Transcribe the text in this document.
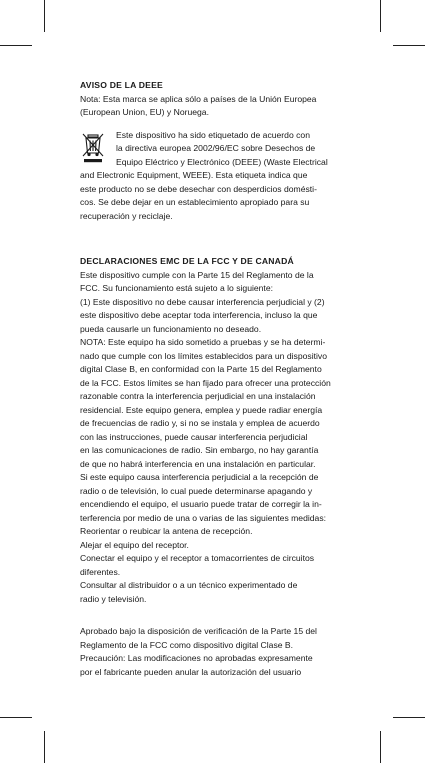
AVISO DE LA DEEE

Nota: Esta marca se aplica sólo a países de la Unión Europea
(European Union, EU) y Noruega.
Este dispositivo ha sido etiquetado de acuerdo con
la directiva europea 2002/96/EC sobre Desechos de
Equipo Eléctrico y Electrónico (DEEE) (Waste Electrical
and Electronic Equipment, WEEE). Esta etiqueta indica que
este producto no se debe desechar con desperdicios domésti-
cos. Se debe dejar en un establecimiento apropiado para su
recuperación y reciclaje.

DECLARACIONES EMC DE LA FCC Y DE CANADÁ

Este dispositivo cumple con la Parte 15 del Reglamento de la
FCC. Su funcionamiento está sujeto a lo siguiente:
(1) Este dispositivo no debe causar interferencia perjudicial y (2)
este dispositivo debe aceptar toda interferencia, incluso la que
pueda causarle un funcionamiento no deseado.
NOTA: Este equipo ha sido sometido a pruebas y se ha determi-
nado que cumple con los límites establecidos para un dispositivo
digital Clase B, en conformidad con la Parte 15 del Reglamento
de la FCC. Estos límites se han fijado para ofrecer una protección
razonable contra la interferencia perjudicial en una instalación
residencial. Este equipo genera, emplea y puede radiar energía
de frecuencias de radio y, si no se instala y emplea de acuerdo
con las instrucciones, puede causar interferencia perjudicial
en las comunicaciones de radio. Sin embargo, no hay garantía
de que no habrá interferencia en una instalación en particular.
Si este equipo causa interferencia perjudicial a la recepción de
radio o de televisión, lo cual puede determinarse apagando y
encendiendo el equipo, el usuario puede tratar de corregir la in-
terferencia por medio de una o varias de las siguientes medidas:
Reorientar o reubicar la antena de recepción.
Alejar el equipo del receptor.
Conectar el equipo y el receptor a tomacorrientes de circuitos
diferentes.
Consultar al distribuidor o a un técnico experimentado de
radio y televisión.
Aprobado bajo la disposición de verificación de la Parte 15 del
Reglamento de la FCC como dispositivo digital Clase B.
Precaución: Las modificaciones no aprobadas expresamente
por el fabricante pueden anular la autorización del usuario
